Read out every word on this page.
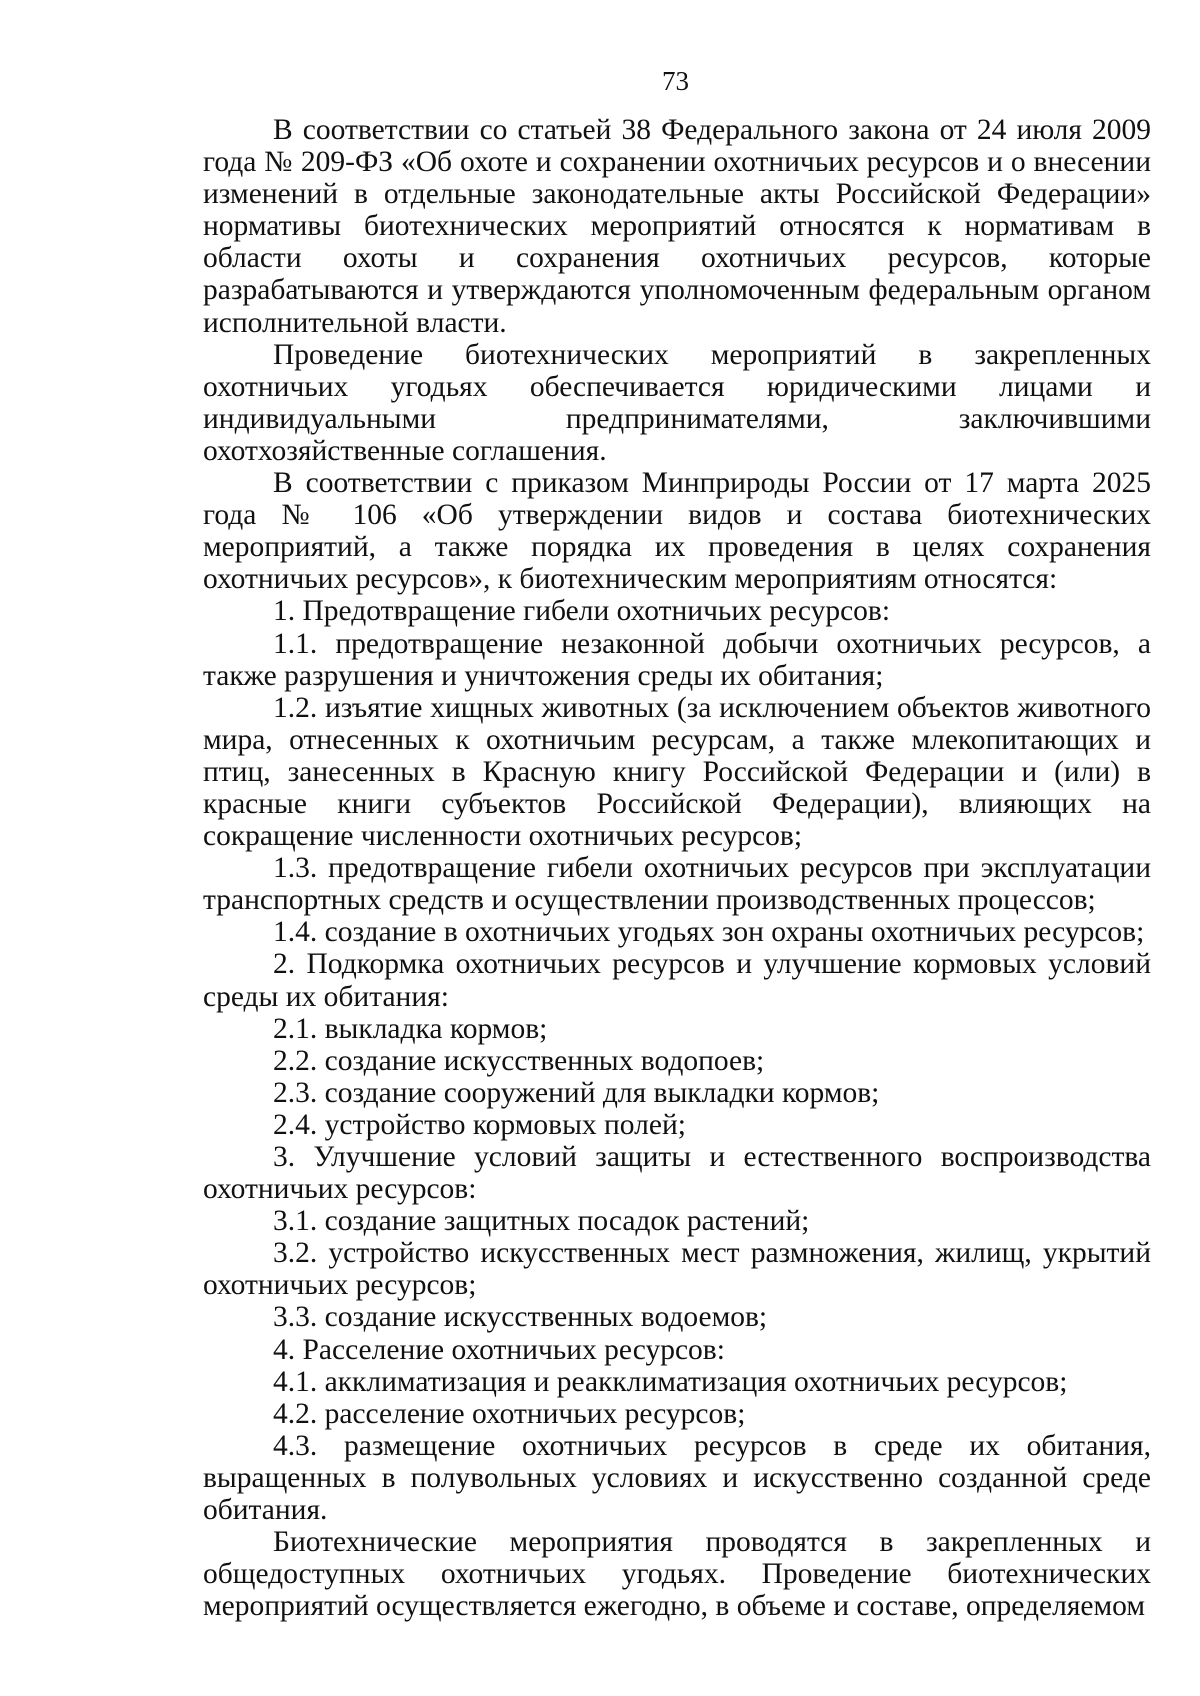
73

В соответствии со статьей 38 Федерального закона от 24 июля 2009 года № 209-ФЗ «Об охоте и сохранении охотничьих ресурсов и о внесении изменений в отдельные законодательные акты Российской Федерации» нормативы биотехнических мероприятий относятся к нормативам в области охоты и сохранения охотничьих ресурсов, которые разрабатываются и утверждаются уполномоченным федеральным органом исполнительной власти.

Проведение биотехнических мероприятий в закрепленных охотничьих угодьях обеспечивается юридическими лицами и индивидуальными предпринимателями, заключившими охотхозяйственные соглашения.

В соответствии с приказом Минприроды России от 17 марта 2025 года № 106 «Об утверждении видов и состава биотехнических мероприятий, а также порядка их проведения в целях сохранения охотничьих ресурсов», к биотехническим мероприятиям относятся:

1. Предотвращение гибели охотничьих ресурсов:

1.1. предотвращение незаконной добычи охотничьих ресурсов, а также разрушения и уничтожения среды их обитания;

1.2. изъятие хищных животных (за исключением объектов животного мира, отнесенных к охотничьим ресурсам, а также млекопитающих и птиц, занесенных в Красную книгу Российской Федерации и (или) в красные книги субъектов Российской Федерации), влияющих на сокращение численности охотничьих ресурсов;

1.3. предотвращение гибели охотничьих ресурсов при эксплуатации транспортных средств и осуществлении производственных процессов;

1.4. создание в охотничьих угодьях зон охраны охотничьих ресурсов;

2. Подкормка охотничьих ресурсов и улучшение кормовых условий среды их обитания:

2.1. выкладка кормов;

2.2. создание искусственных водопоев;

2.3. создание сооружений для выкладки кормов;

2.4. устройство кормовых полей;

3. Улучшение условий защиты и естественного воспроизводства охотничьих ресурсов:

3.1. создание защитных посадок растений;

3.2. устройство искусственных мест размножения, жилищ, укрытий охотничьих ресурсов;

3.3. создание искусственных водоемов;

4. Расселение охотничьих ресурсов:

4.1. акклиматизация и реакклиматизация охотничьих ресурсов;

4.2. расселение охотничьих ресурсов;

4.3. размещение охотничьих ресурсов в среде их обитания, выращенных в полувольных условиях и искусственно созданной среде обитания.

Биотехнические мероприятия проводятся в закрепленных и общедоступных охотничьих угодьях. Проведение биотехнических мероприятий осуществляется ежегодно, в объеме и составе, определяемом
